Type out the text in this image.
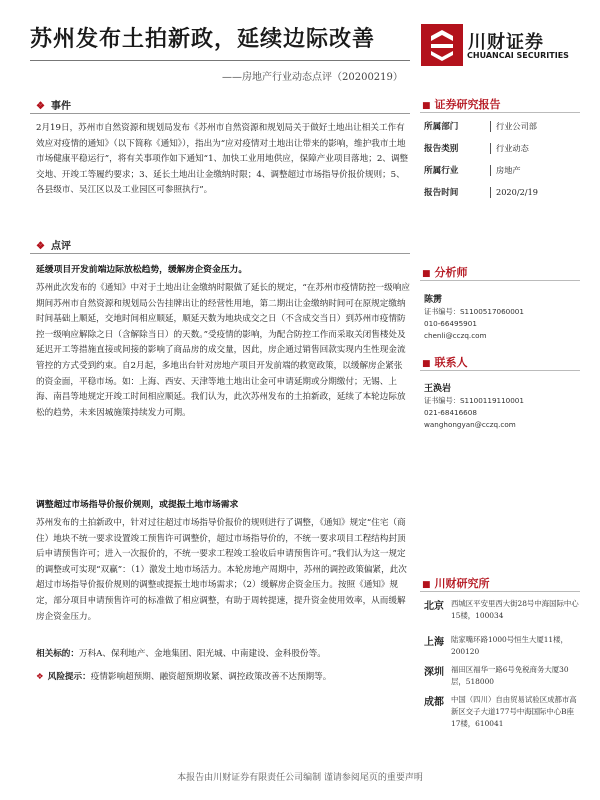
苏州发布土拍新政，延续边际改善	川财证券
CHUANCAI SECURITIES
——房地产行业动态点评（20200219）
❖ 事件
2月19日，苏州市自然资源和规划局发布《苏州市自然资源和规划局关于做好土地出让相关工作有效应对疫情的通知》（以下简称《通知》），指出为“应对疫情对土地出让带来的影响，维护我市土地市场健康平稳运行”，将有关事项作如下通知“1、加快工业用地供应，保障产业项目落地；2、调整交地、开竣工等履约要求；3、延长土地出让金缴纳时限；4、调整超过市场指导价报价规则；5、各县级市、吴江区以及工业园区可参照执行”。
❖ 点评
延缓项目开发前端边际放松趋势，缓解房企资金压力。
苏州此次发布的《通知》中对于土地出让金缴纳时限做了延长的规定，“在苏州市疫情防控一级响应期间苏州市自然资源和规划局公告挂牌出让的经营性用地，第二期出让金缴纳时间可在原规定缴纳时间基础上顺延，交地时间相应顺延，顺延天数为地块成交之日（不含成交当日）到苏州市疫情防控一级响应解除之日（含解除当日）的天数。”受疫情的影响，为配合防控工作而采取关闭售楼处及延迟开工等措施直接或间接的影响了商品房的成交量，因此，房企通过销售回款实现内生性现金流管控的方式受到约束。自2月起，多地出台针对房地产项目开发前端的救宽政策，以缓解房企紧张的资金面，平稳市场。如：上海、西安、天津等地土地出让金可申请延期或分期缴付；无锡、上海、南昌等地规定开竣工时间相应顺延。我们认为，此次苏州发布的土拍新政，延续了本轮边际放松的趋势，未来因城施策持续发力可期。
调整超过市场指导价报价规则，或提振土地市场需求
苏州发布的土拍新政中，针对过往超过市场指导价报价的规则进行了调整，《通知》规定“住宅（商住）地块不统一要求设置竣工预售许可调整价，超过市场指导价的，不统一要求项目工程结构封顶后申请预售许可；进入一次报价的，不统一要求工程竣工验收后申请预售许可。”我们认为这一规定的调整或可实现“双赢”：（1）激发土地市场活力。本轮房地产周期中，苏州的调控政策偏紧，此次超过市场指导价报价规则的调整或提振土地市场需求；（2）缓解房企资金压力。按照《通知》规定，部分项目申请预售许可的标准做了相应调整，有助于周转提速，提升资金使用效率，从而缓解房企资金压力。
相关标的：万科A、保利地产、金地集团、阳光城、中南建设、金科股份等。
❖ 风险提示：疫情影响超预期、融资超预期收紧、调控政策改善不达预期等。
■ 证券研究报告
所属部门	行业公司部
报告类别	行业动态
所属行业	房地产
报告时间	2020/2/19
■ 分析师
陈雳
证书编号：S1100517060001
010-66495901
chenli@cczq.com
■ 联系人
王涣岩
证书编号：S1100119110001
021-68416608
wanghongyan@cczq.com
■ 川财研究所
北京 西城区平安里西大街28号中海国际中心15楼，100034
上海 陆家嘴环路1000号恒生大厦11楼，200120
深圳 福田区福华一路6号免税商务大厦30层，518000
成都 中国（四川）自由贸易试验区成都市高新区交子大道177号中海国际中心B座17楼，610041
本报告由川财证券有限责任公司编制 谨请参阅尾页的重要声明
